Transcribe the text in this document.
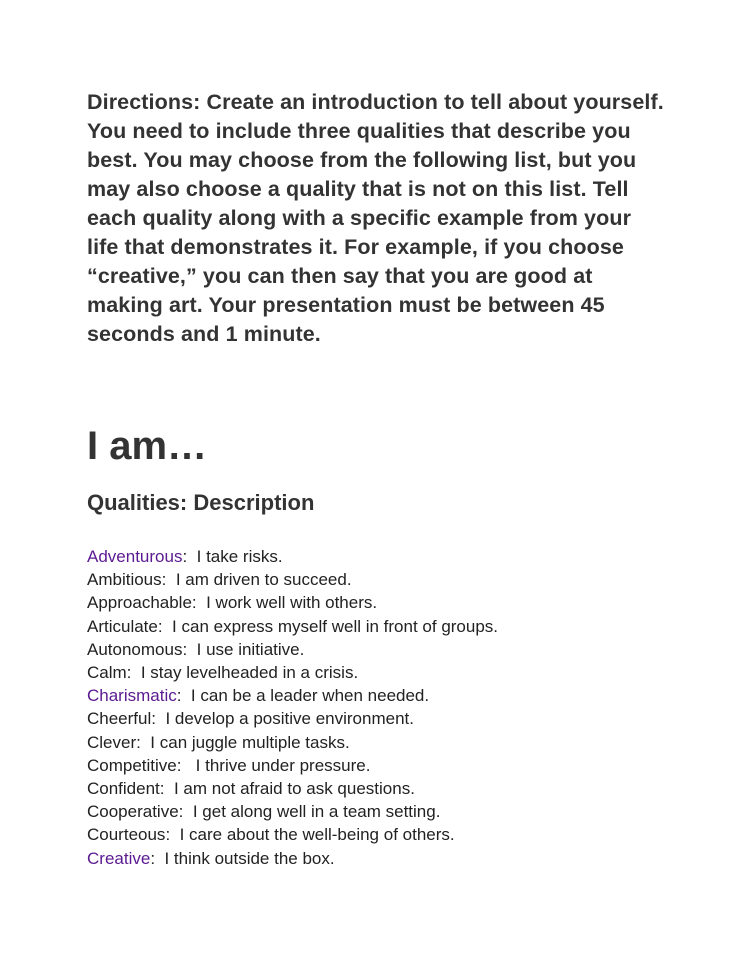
Directions: Create an introduction to tell about yourself. You need to include three qualities that describe you best. You may choose from the following list, but you may also choose a quality that is not on this list. Tell each quality along with a specific example from your life that demonstrates it. For example, if you choose “creative,” you can then say that you are good at making art. Your presentation must be between 45 seconds and 1 minute.

I am…
Qualities: Description
Adventurous:  I take risks.
Ambitious:  I am driven to succeed.
Approachable:  I work well with others.
Articulate:  I can express myself well in front of groups.
Autonomous:  I use initiative.
Calm:  I stay levelheaded in a crisis.
Charismatic:  I can be a leader when needed.
Cheerful:  I develop a positive environment.
Clever:  I can juggle multiple tasks.
Competitive:   I thrive under pressure.
Confident:  I am not afraid to ask questions.
Cooperative:  I get along well in a team setting.
Courteous:  I care about the well-being of others.
Creative:  I think outside the box.
